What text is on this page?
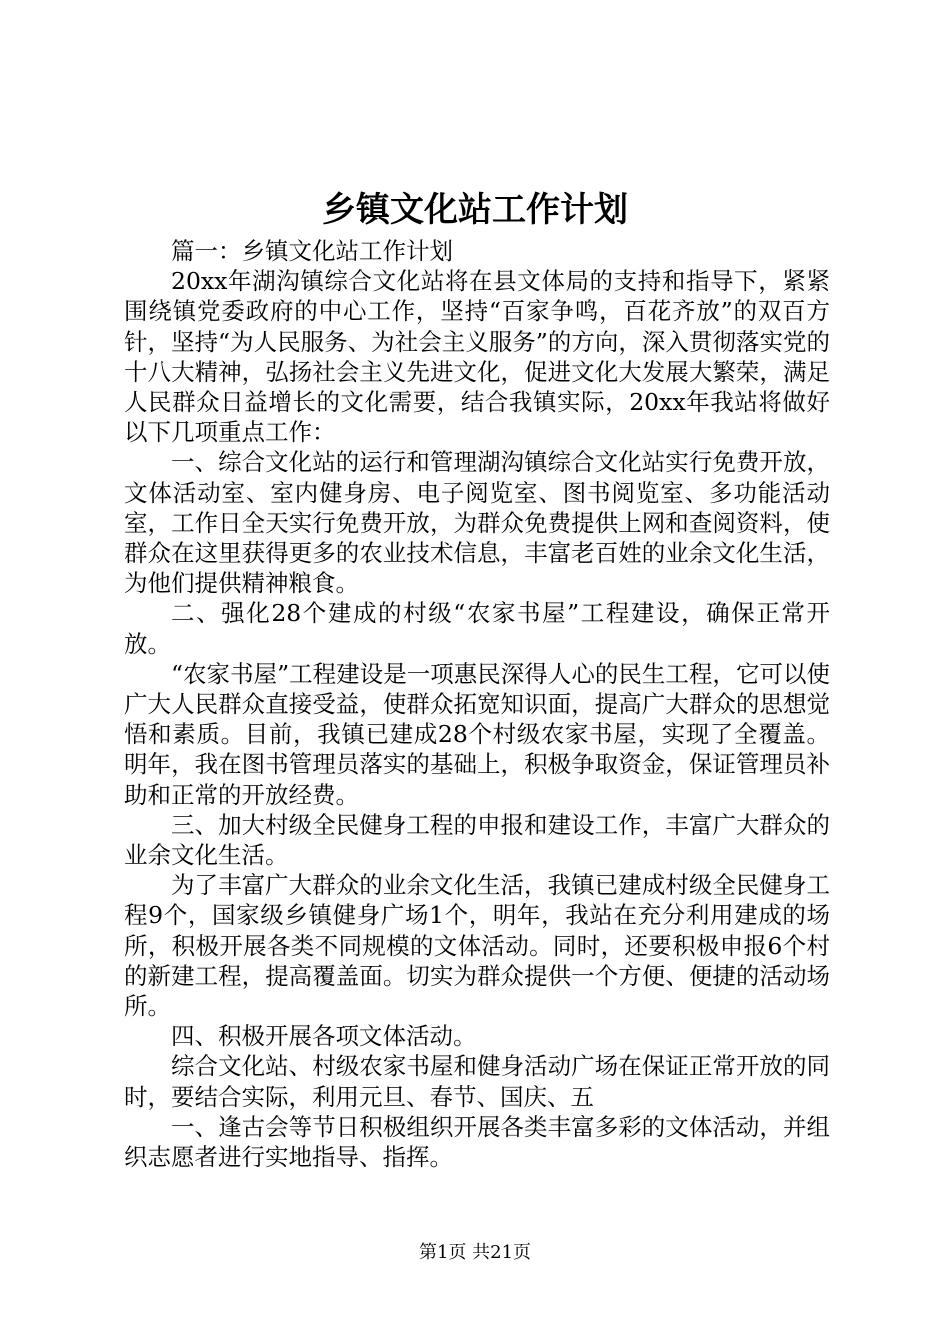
乡镇文化站工作计划

篇一：乡镇文化站工作计划

20xx年湖沟镇综合文化站将在县文体局的支持和指导下，紧紧围绕镇党委政府的中心工作，坚持“百家争鸣，百花齐放”的双百方针，坚持“为人民服务、为社会主义服务”的方向，深入贯彻落实党的十八大精神，弘扬社会主义先进文化，促进文化大发展大繁荣，满足人民群众日益增长的文化需要，结合我镇实际，20xx年我站将做好以下几项重点工作：

一、综合文化站的运行和管理湖沟镇综合文化站实行免费开放，文体活动室、室内健身房、电子阅览室、图书阅览室、多功能活动室，工作日全天实行免费开放，为群众免费提供上网和查阅资料，使群众在这里获得更多的农业技术信息，丰富老百姓的业余文化生活，为他们提供精神粮食。

二、强化28个建成的村级“农家书屋”工程建设，确保正常开放。

“农家书屋”工程建设是一项惠民深得人心的民生工程，它可以使广大人民群众直接受益，使群众拓宽知识面，提高广大群众的思想觉悟和素质。目前，我镇已建成28个村级农家书屋，实现了全覆盖。明年，我在图书管理员落实的基础上，积极争取资金，保证管理员补助和正常的开放经费。

三、加大村级全民健身工程的申报和建设工作，丰富广大群众的业余文化生活。

为了丰富广大群众的业余文化生活，我镇已建成村级全民健身工程9个，国家级乡镇健身广场1个，明年，我站在充分利用建成的场所，积极开展各类不同规模的文体活动。同时，还要积极申报6个村的新建工程，提高覆盖面。切实为群众提供一个方便、便捷的活动场所。

四、积极开展各项文体活动。

综合文化站、村级农家书屋和健身活动广场在保证正常开放的同时，要结合实际，利用元旦、春节、国庆、五

一、逢古会等节日积极组织开展各类丰富多彩的文体活动，并组织志愿者进行实地指导、指挥。

第1页 共21页
